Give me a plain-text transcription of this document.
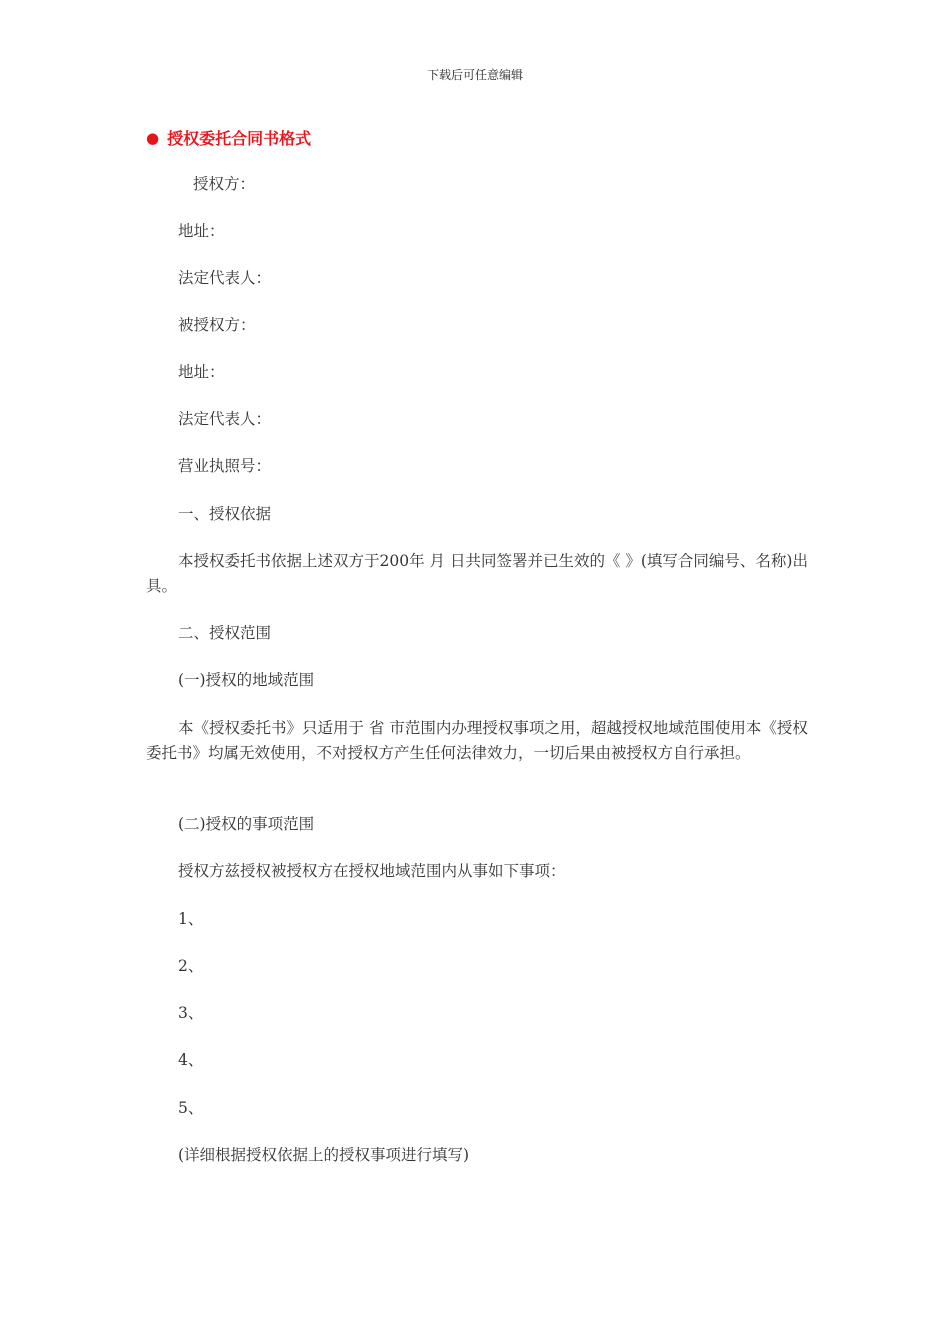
下载后可任意编辑
● 授权委托合同书格式
授权方：
地址：
法定代表人：
被授权方：
地址：
法定代表人：
营业执照号：
一、授权依据
本授权委托书依据上述双方于200年 月 日共同签署并已生效的《 》(填写合同编号、名称)出具。
二、授权范围
(一)授权的地域范围
本《授权委托书》只适用于 省 市范围内办理授权事项之用，超越授权地域范围使用本《授权委托书》均属无效使用，不对授权方产生任何法律效力，一切后果由被授权方自行承担。
(二)授权的事项范围
授权方兹授权被授权方在授权地域范围内从事如下事项：
1、
2、
3、
4、
5、
(详细根据授权依据上的授权事项进行填写)
